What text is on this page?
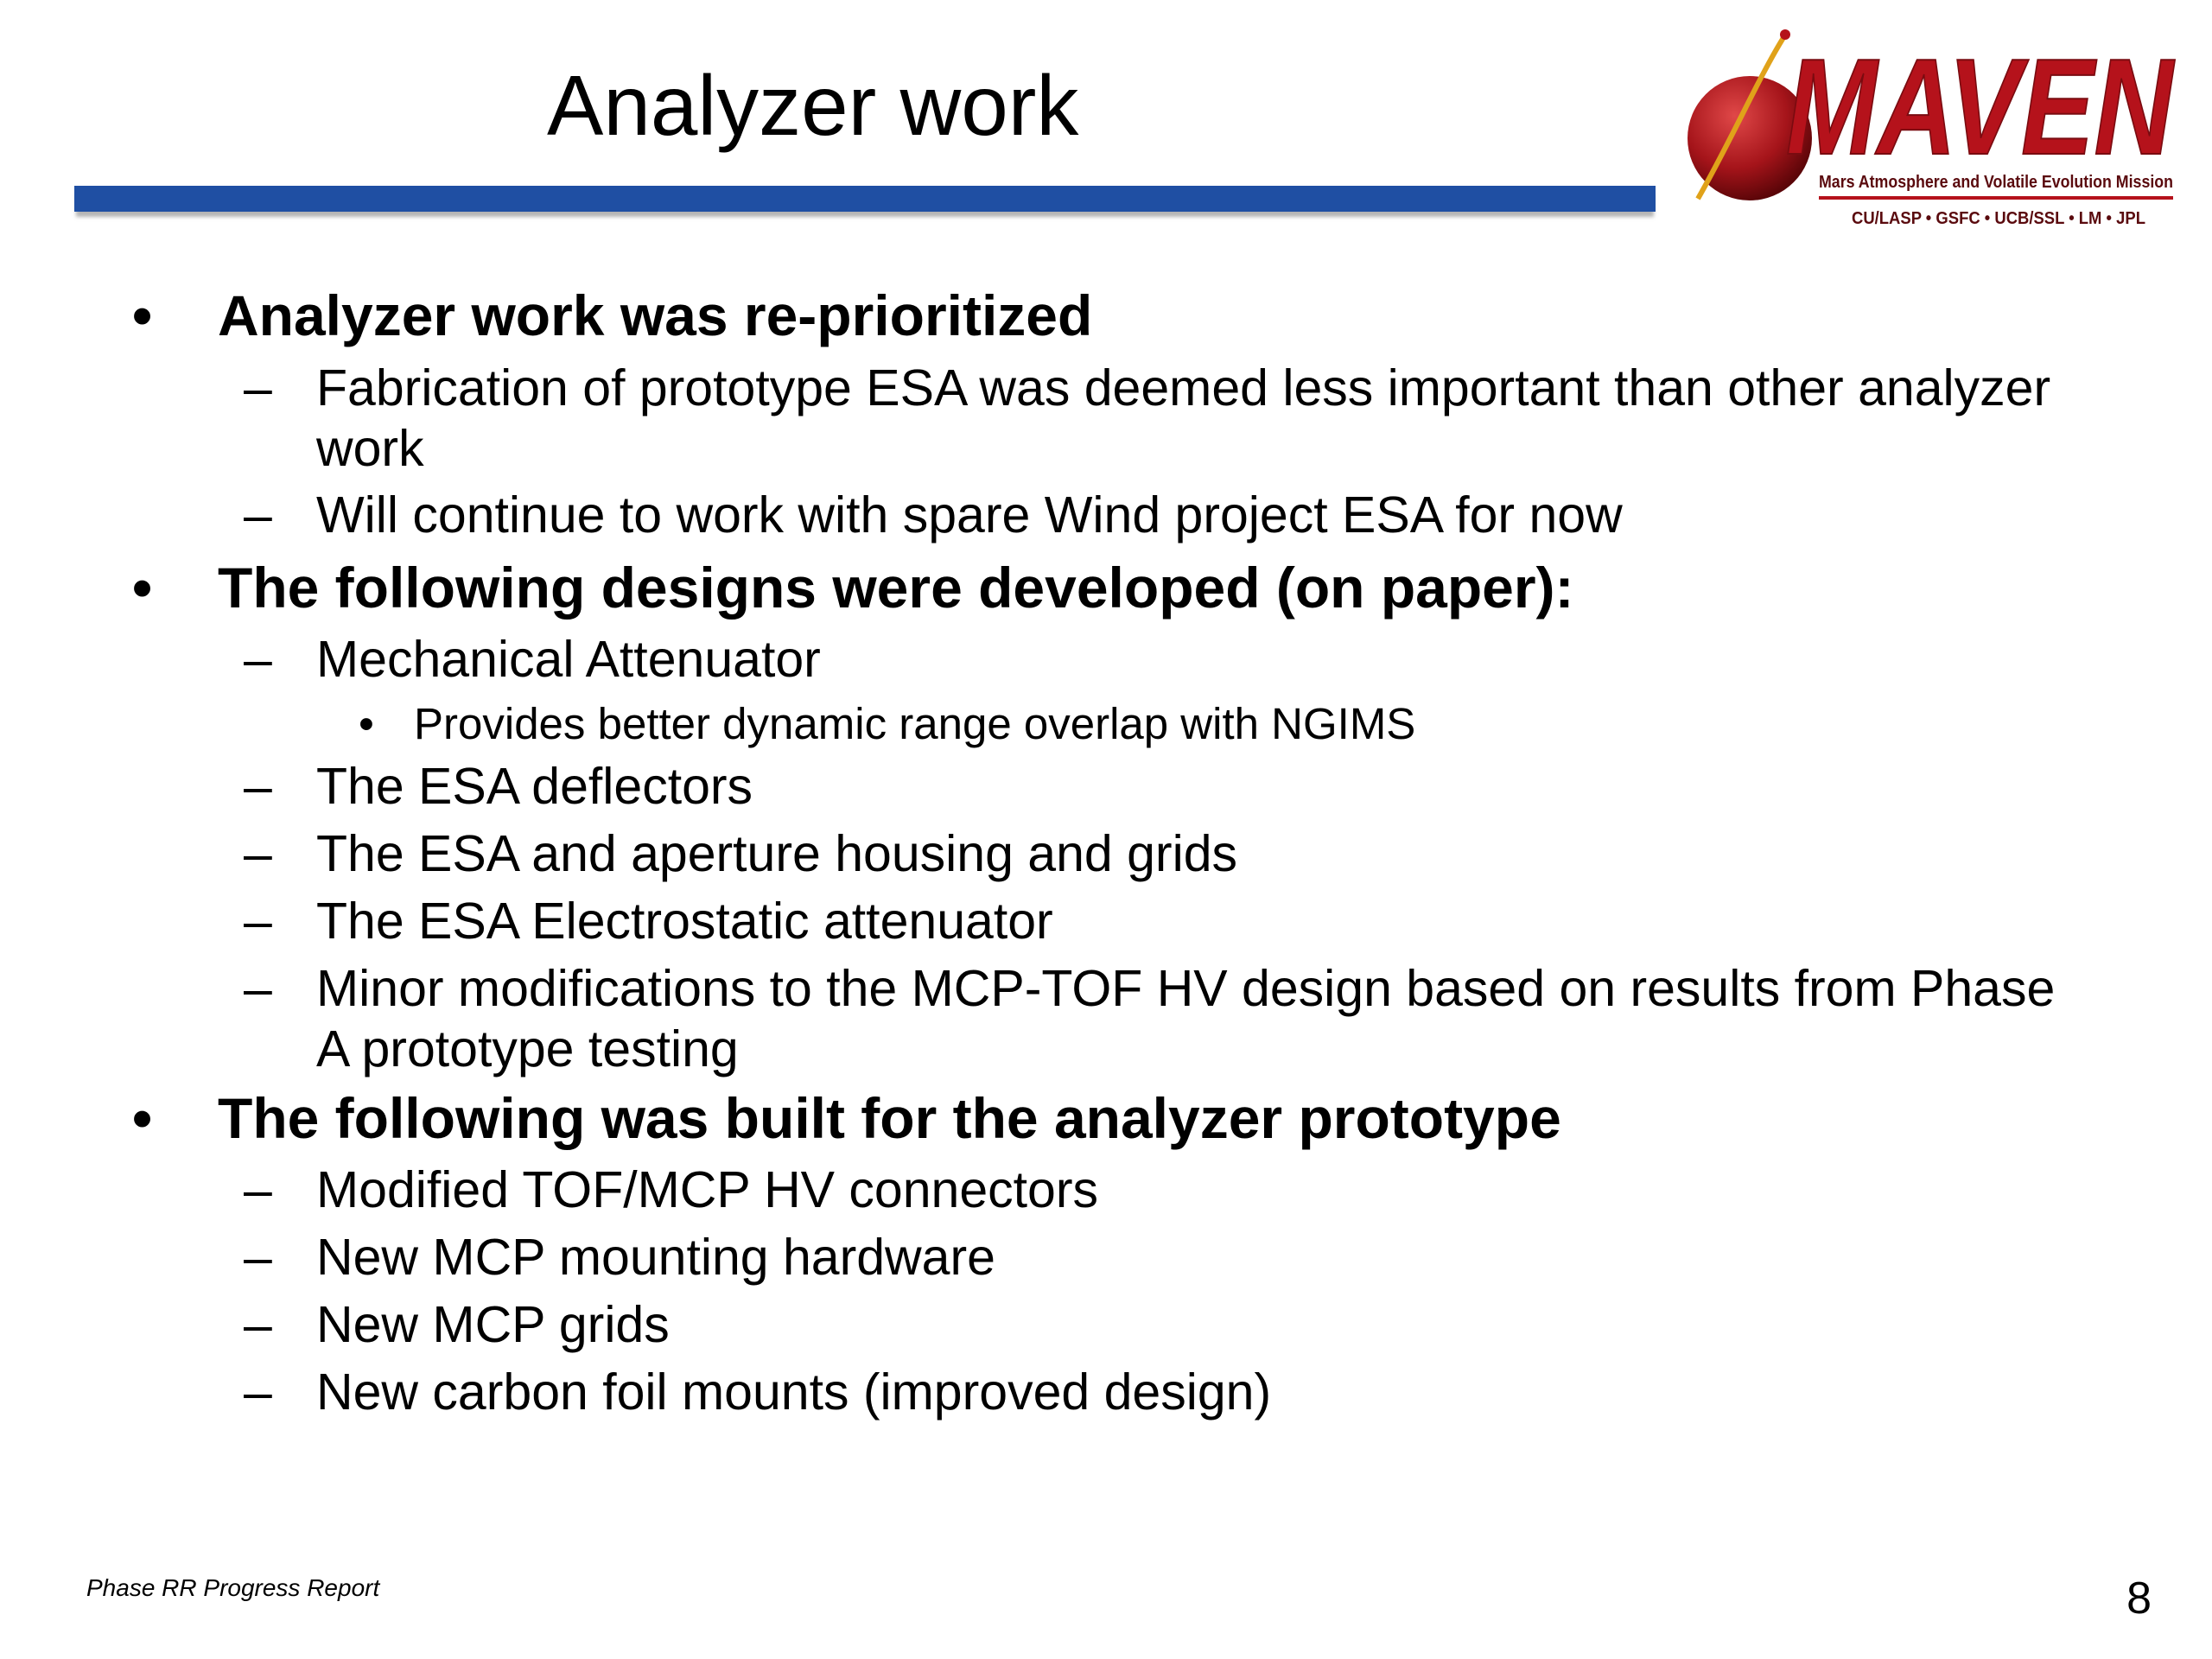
Analyzer work	MAVEN
Mars Atmosphere and Volatile Evolution Mission
CU/LASP • GSFC • UCB/SSL • LM • JPL
• Analyzer work was re-prioritized
– Fabrication of prototype ESA was deemed less important than other analyzer work
– Will continue to work with spare Wind project ESA for now
• The following designs were developed (on paper):
– Mechanical Attenuator
• Provides better dynamic range overlap with NGIMS
– The ESA deflectors
– The ESA and aperture housing and grids
– The ESA Electrostatic attenuator
– Minor modifications to the MCP-TOF HV design based on results from Phase A prototype testing
• The following was built for the analyzer prototype
– Modified TOF/MCP HV connectors
– New MCP mounting hardware
– New MCP grids
– New carbon foil mounts (improved design)
Phase RR Progress Report	8
